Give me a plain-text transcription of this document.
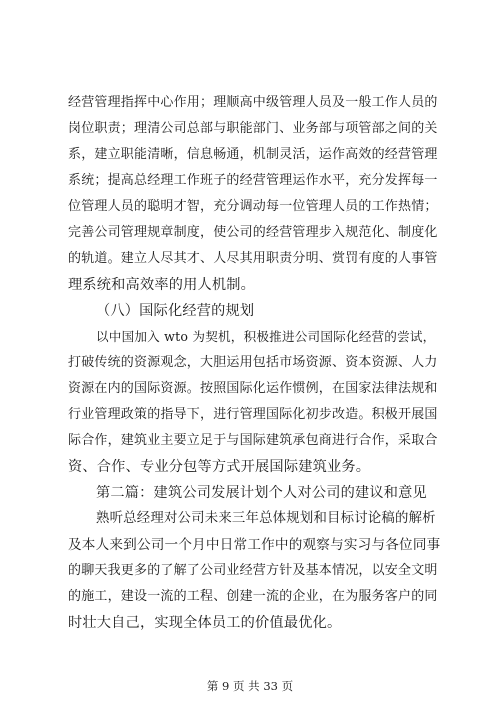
经营管理指挥中心作用；理顺高中级管理人员及一般工作人员的
岗位职责；理清公司总部与职能部门、业务部与项管部之间的关
系，建立职能清晰，信息畅通，机制灵活，运作高效的经营管理
系统；提高总经理工作班子的经营管理运作水平，充分发挥每一
位管理人员的聪明才智，充分调动每一位管理人员的工作热情；
完善公司管理规章制度，使公司的经营管理步入规范化、制度化
的轨道。建立人尽其才、人尽其用职责分明、赏罚有度的人事管
理系统和高效率的用人机制。
（八）国际化经营的规划
以中国加入 wto 为契机，积极推进公司国际化经营的尝试，
打破传统的资源观念，大胆运用包括市场资源、资本资源、人力
资源在内的国际资源。按照国际化运作惯例，在国家法律法规和
行业管理政策的指导下，进行管理国际化初步改造。积极开展国
际合作，建筑业主要立足于与国际建筑承包商进行合作，采取合
资、合作、专业分包等方式开展国际建筑业务。
第二篇：建筑公司发展计划个人对公司的建议和意见
熟听总经理对公司未来三年总体规划和目标讨论稿的解析
及本人来到公司一个月中日常工作中的观察与实习与各位同事
的聊天我更多的了解了公司业经营方针及基本情况，以安全文明
的施工，建设一流的工程、创建一流的企业，在为服务客户的同
时壮大自己，实现全体员工的价值最优化。
第 9 页 共 33 页
